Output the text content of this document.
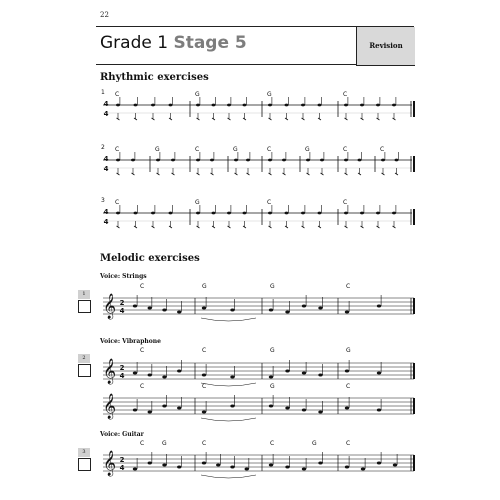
22
Grade 1 Stage 5	Revision
Rhythmic exercises
Melodic exercises
Voice: Strings
Voice: Vibraphone
Voice: Guitar
1
2
3
1
4
4
C	G	G	C
2
4
4
C	G	C	G	C	G	C	C
3
4
4
C	G	C	C
𝄞 2
4
C	G	G	C
𝄞 2
4
C	C	G	G
𝄞
C	C	G	C
𝄞 2
4
C	G	C	C	G	C
